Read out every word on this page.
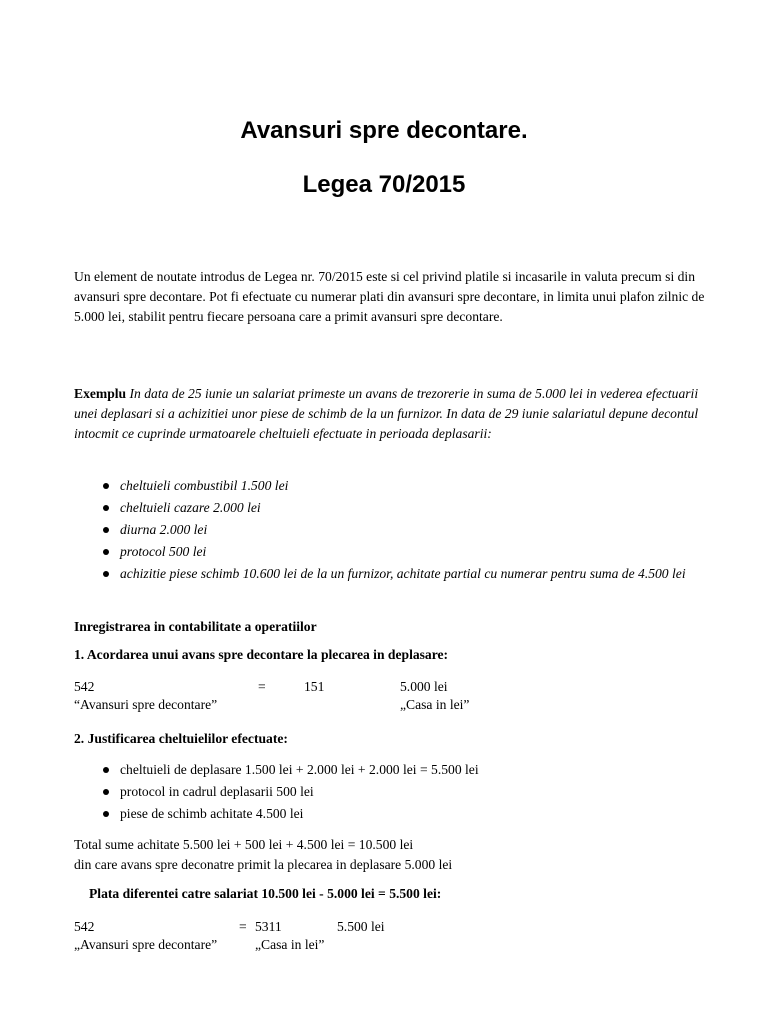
Avansuri spre decontare.
Legea 70/2015

Un element de noutate introdus de Legea nr. 70/2015 este si cel privind platile si incasarile in valuta precum si din avansuri spre decontare. Pot fi efectuate cu numerar plati din avansuri spre decontare, in limita unui plafon zilnic de 5.000 lei, stabilit pentru fiecare persoana care a primit avansuri spre decontare.

Exemplu In data de 25 iunie un salariat primeste un avans de trezorerie in suma de 5.000 lei in vederea efectuarii unei deplasari si a achizitiei unor piese de schimb de la un furnizor. In data de 29 iunie salariatul depune decontul intocmit ce cuprinde urmatoarele cheltuieli efectuate in perioada deplasarii:

cheltuieli combustibil 1.500 lei
cheltuieli cazare 2.000 lei
diurna 2.000 lei
protocol 500 lei
achizitie piese schimb 10.600 lei de la un furnizor, achitate partial cu numerar pentru suma de 4.500 lei

Inregistrarea in contabilitate a operatiilor

1. Acordarea unui avans spre decontare la plecarea in deplasare:

542	=	151	5.000 lei
“Avansuri spre decontare”	„Casa in lei”

2. Justificarea cheltuielilor efectuate:

cheltuieli de deplasare 1.500 lei + 2.000 lei + 2.000 lei = 5.500 lei
protocol in cadrul deplasarii 500 lei
piese de schimb achitate 4.500 lei

Total sume achitate 5.500 lei + 500 lei + 4.500 lei = 10.500 lei
din care avans spre deconatre primit la plecarea in deplasare 5.000 lei

Plata diferentei catre salariat 10.500 lei - 5.000 lei = 5.500 lei:

542	= 5311	5.500 lei
„Avansuri spre decontare”	„Casa in lei”
